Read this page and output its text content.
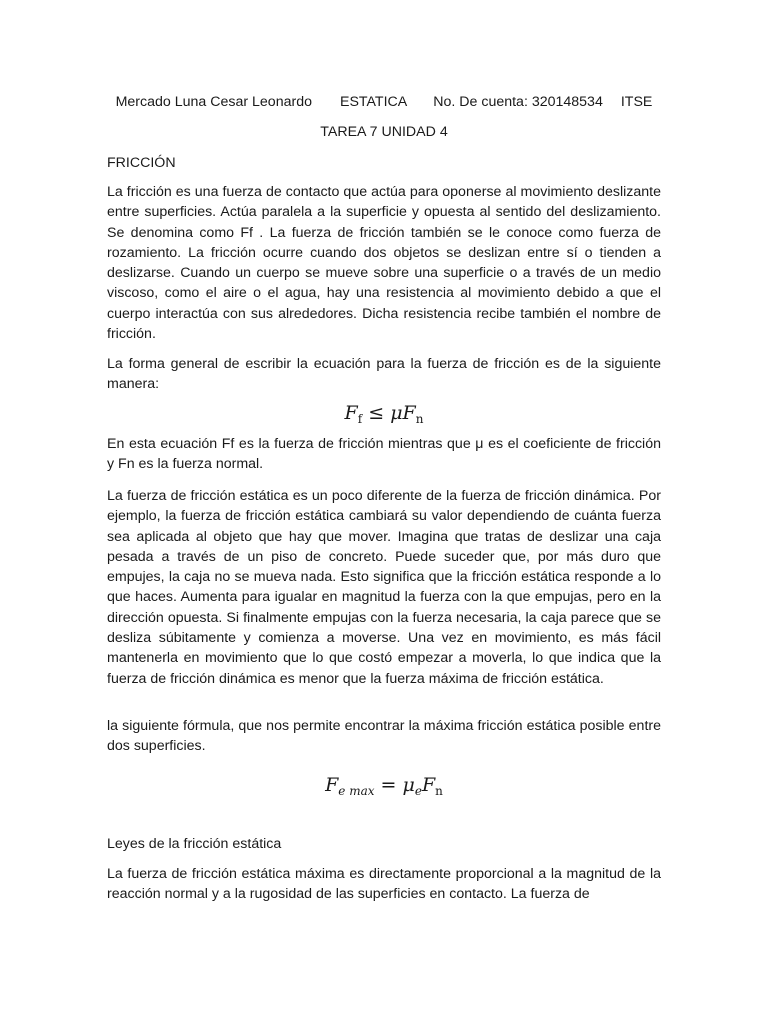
Mercado Luna Cesar Leonardo ESTATICA No. De cuenta: 320148534 ITSE
TAREA 7 UNIDAD 4
FRICCIÓN

La fricción es una fuerza de contacto que actúa para oponerse al movimiento deslizante entre superficies. Actúa paralela a la superficie y opuesta al sentido del deslizamiento. Se denomina como Ff . La fuerza de fricción también se le conoce como fuerza de rozamiento. La fricción ocurre cuando dos objetos se deslizan entre sí o tienden a deslizarse. Cuando un cuerpo se mueve sobre una superficie o a través de un medio viscoso, como el aire o el agua, hay una resistencia al movimiento debido a que el cuerpo interactúa con sus alrededores. Dicha resistencia recibe también el nombre de fricción.

La forma general de escribir la ecuación para la fuerza de fricción es de la siguiente manera:

$F_f \le \mu F_n$

En esta ecuación Ff es la fuerza de fricción mientras que μ es el coeficiente de fricción y Fn es la fuerza normal.

La fuerza de fricción estática es un poco diferente de la fuerza de fricción dinámica. Por ejemplo, la fuerza de fricción estática cambiará su valor dependiendo de cuánta fuerza sea aplicada al objeto que hay que mover. Imagina que tratas de deslizar una caja pesada a través de un piso de concreto. Puede suceder que, por más duro que empujes, la caja no se mueva nada. Esto significa que la fricción estática responde a lo que haces. Aumenta para igualar en magnitud la fuerza con la que empujas, pero en la dirección opuesta. Si finalmente empujas con la fuerza necesaria, la caja parece que se desliza súbitamente y comienza a moverse. Una vez en movimiento, es más fácil mantenerla en movimiento que lo que costó empezar a moverla, lo que indica que la fuerza de fricción dinámica es menor que la fuerza máxima de fricción estática.

la siguiente fórmula, que nos permite encontrar la máxima fricción estática posible entre dos superficies.

$F_{e max} = \mu_eF_n$
Leyes de la fricción estática

La fuerza de fricción estática máxima es directamente proporcional a la magnitud de la reacción normal y a la rugosidad de las superficies en contacto. La fuerza de
